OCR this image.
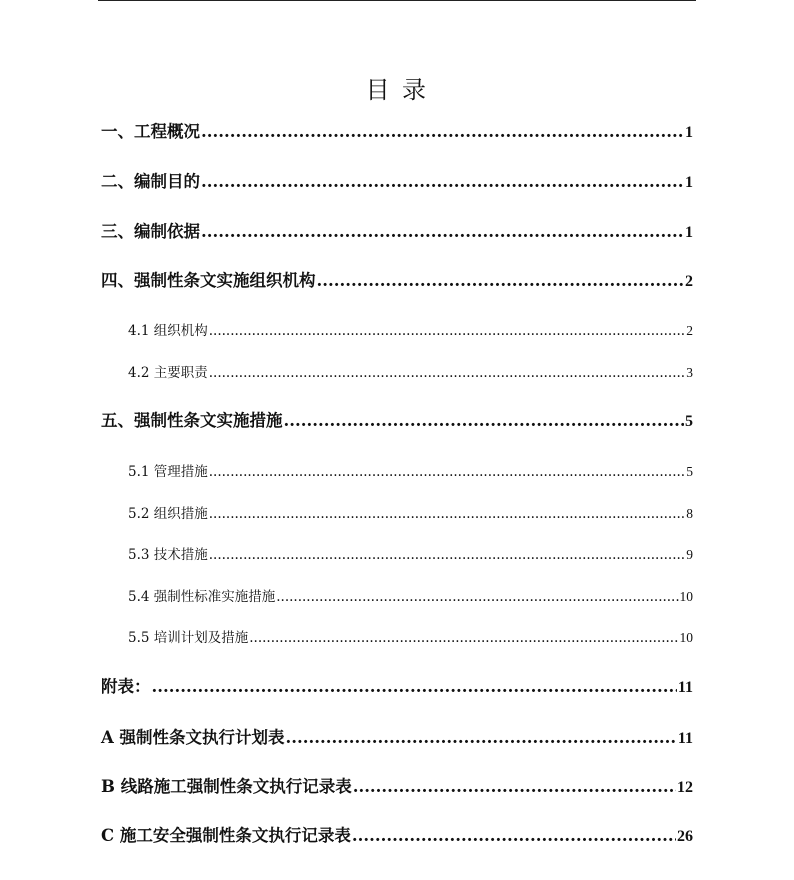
目 录
一、工程概况 .....	1
二、编制目的 .....	1
三、编制依据 .....	1
四、强制性条文实施组织机构 .....	2
4.1 组织机构 .....	2
4.2 主要职责 .....	3
五、强制性条文实施措施 .....	5
5.1 管理措施 .....	5
5.2 组织措施 .....	8
5.3 技术措施 .....	9
5.4 强制性标准实施措施 .....	10
5.5 培训计划及措施 .....	10
附表： .....	11
A 强制性条文执行计划表 .....	11
B 线路施工强制性条文执行记录表 .....	12
C 施工安全强制性条文执行记录表 .....	26
